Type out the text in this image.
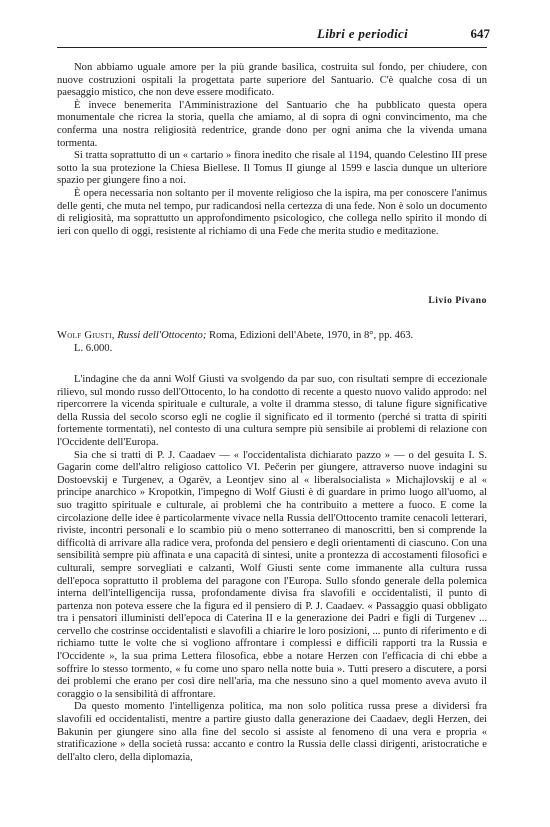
Libri e periodici	647

Non abbiamo uguale amore per la più grande basilica, costruita sul fondo, per chiudere, con nuove costruzioni ospitali la progettata parte superiore del Santuario. C'è qualche cosa di un paesaggio mistico, che non deve essere modificato.

È invece benemerita l'Amministrazione del Santuario che ha pubblicato questa opera monumentale che ricrea la storia, quella che amiamo, al di sopra di ogni convincimento, ma che conferma una nostra religiosità redentrice, grande dono per ogni anima che la vivenda umana tormenta.

Si tratta soprattutto di un « cartario » finora inedito che risale al 1194, quando Celestino III prese sotto la sua protezione la Chiesa Biellese. Il Tomus II giunge al 1599 e lascia dunque un ulteriore spazio per giungere fino a noi.

È opera necessaria non soltanto per il movente religioso che la ispira, ma per conoscere l'animus delle genti, che muta nel tempo, pur radicandosi nella certezza di una fede. Non è solo un documento di religiosità, ma soprattutto un approfondimento psicologico, che collega nello spirito il mondo di ieri con quello di oggi, resistente al richiamo di una Fede che merita studio e meditazione.

Livio Pivano
Wolf Giusti, Russi dell'Ottocento; Roma, Edizioni dell'Abete, 1970, in 8°, pp. 463.
L. 6.000.

L'indagine che da anni Wolf Giusti va svolgendo da par suo, con risultati sempre di eccezionale rilievo, sul mondo russo dell'Ottocento, lo ha condotto di recente a questo nuovo valido approdo: nel ripercorrere la vicenda spirituale e culturale, a volte il dramma stesso, di talune figure significative della Russia del secolo scorso egli ne coglie il significato ed il tormento (perché si tratta di spiriti fortemente tormentati), nel contesto di una cultura sempre più sensibile ai problemi di relazione con l'Occidente dell'Europa.

Sia che si tratti di P. J. Caadaev — « l'occidentalista dichiarato pazzo » — o del gesuita I. S. Gagarin come dell'altro religioso cattolico VI. Pečerin per giungere, attraverso nuove indagini su Dostoevskij e Turgenev, a Ogarëv, a Leontjev sino al « liberalsocialista » Michajlovskij e al « principe anarchico » Kropotkin, l'impegno di Wolf Giusti è di guardare in primo luogo all'uomo, al suo tragitto spirituale e culturale, ai problemi che ha contribuito a mettere a fuoco. E come la circolazione delle idee è particolarmente vivace nella Russia dell'Ottocento tramite cenacoli letterari, riviste, incontri personali e lo scambio più o meno sotterraneo di manoscritti, ben si comprende la difficoltà di arrivare alla radice vera, profonda del pensiero e degli orientamenti di ciascuno. Con una sensibilità sempre più affinata e una capacità di sintesi, unite a prontezza di accostamenti filosofici e culturali, sempre sorvegliati e calzanti, Wolf Giusti sente come immanente alla cultura russa dell'epoca soprattutto il problema del paragone con l'Europa. Sullo sfondo generale della polemica interna dell'intelligencija russa, profondamente divisa fra slavofili e occidentalisti, il punto di partenza non poteva essere che la figura ed il pensiero di P. J. Caadaev. « Passaggio quasi obbligato tra i pensatori illuministi dell'epoca di Caterina II e la generazione dei Padri e figli di Turgenev ... cervello che costrinse occidentalisti e slavofili a chiarire le loro posizioni, ... punto di riferimento e di richiamo tutte le volte che si vogliono affrontare i complessi e difficili rapporti tra la Russia e l'Occidente », la sua prima Lettera filosofica, ebbe a notare Herzen con l'efficacia di chi ebbe a soffrire lo stesso tormento, « fu come uno sparo nella notte buia ». Tutti presero a discutere, a porsi dei problemi che erano per così dire nell'aria, ma che nessuno sino a quel momento aveva avuto il coraggio o la sensibilità di affrontare.

Da questo momento l'intelligenza politica, ma non solo politica russa prese a dividersi fra slavofili ed occidentalisti, mentre a partire giusto dalla generazione dei Caadaev, degli Herzen, dei Bakunin per giungere sino alla fine del secolo si assiste al fenomeno di una vera e propria « stratificazione » della società russa: accanto e contro la Russia delle classi dirigenti, aristocratiche e dell'alto clero, della diplomazia,
